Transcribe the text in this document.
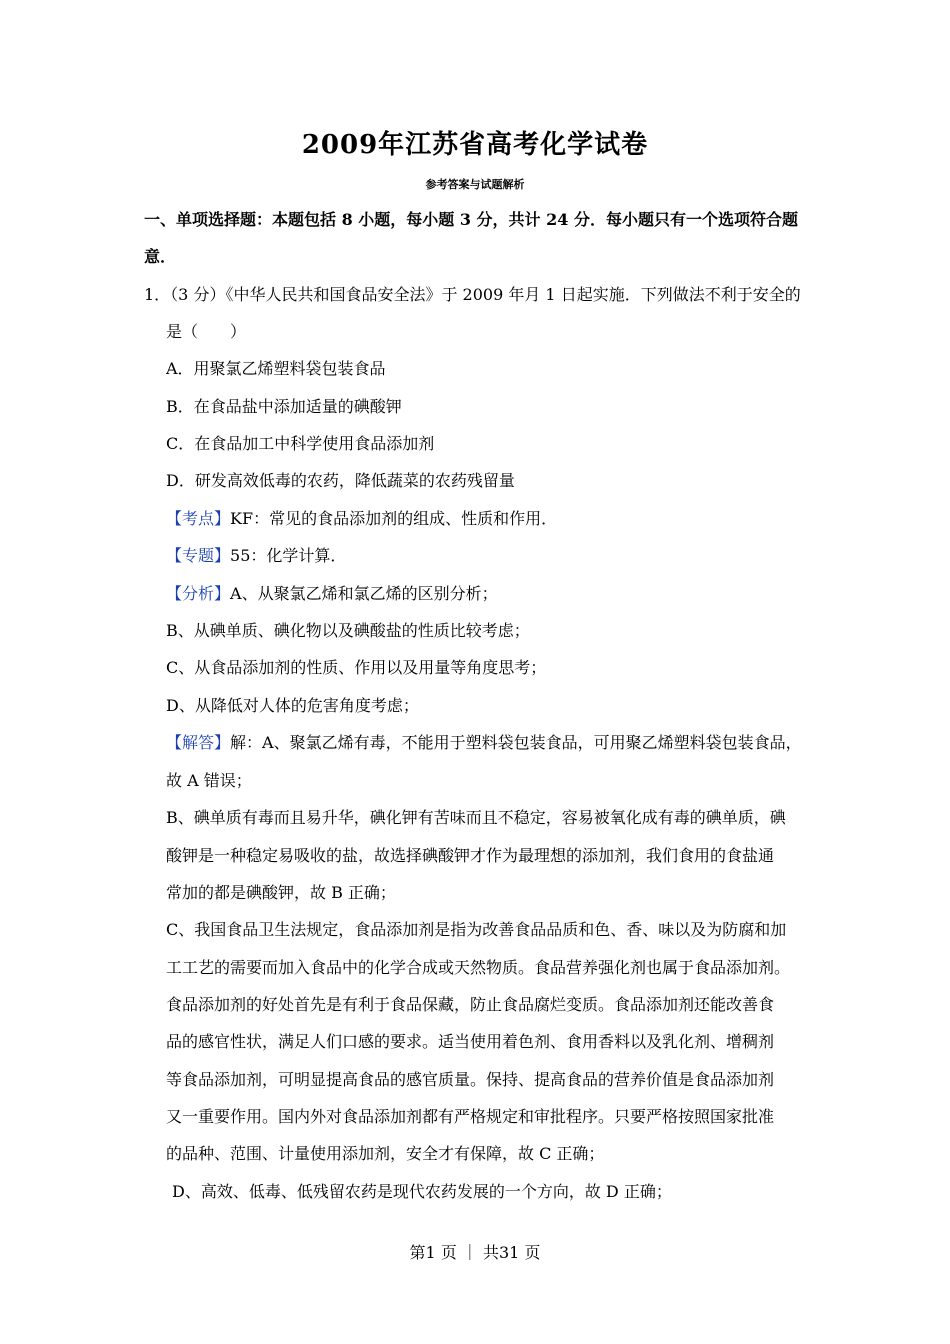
2009年江苏省高考化学试卷
参考答案与试题解析
一、单项选择题：本题包括 8 小题，每小题 3 分，共计 24 分．每小题只有一个选项符合题
意．
1．（3 分）《中华人民共和国食品安全法》于 2009 年月 1 日起实施．下列做法不利于安全的
是（　　）
A．用聚氯乙烯塑料袋包装食品
B．在食品盐中添加适量的碘酸钾
C．在食品加工中科学使用食品添加剂
D．研发高效低毒的农药，降低蔬菜的农药残留量
【考点】KF：常见的食品添加剂的组成、性质和作用．
【专题】55：化学计算．
【分析】A、从聚氯乙烯和氯乙烯的区别分析；
B、从碘单质、碘化物以及碘酸盐的性质比较考虑；
C、从食品添加剂的性质、作用以及用量等角度思考；
D、从降低对人体的危害角度考虑；
【解答】解：A、聚氯乙烯有毒，不能用于塑料袋包装食品，可用聚乙烯塑料袋包装食品，
故 A 错误；
B、碘单质有毒而且易升华，碘化钾有苦味而且不稳定，容易被氧化成有毒的碘单质，碘
酸钾是一种稳定易吸收的盐，故选择碘酸钾才作为最理想的添加剂，我们食用的食盐通
常加的都是碘酸钾，故 B 正确；
C、我国食品卫生法规定，食品添加剂是指为改善食品品质和色、香、味以及为防腐和加
工工艺的需要而加入食品中的化学合成或天然物质。食品营养强化剂也属于食品添加剂。
食品添加剂的好处首先是有利于食品保藏，防止食品腐烂变质。食品添加剂还能改善食
品的感官性状，满足人们口感的要求。适当使用着色剂、食用香料以及乳化剂、增稠剂
等食品添加剂，可明显提高食品的感官质量。保持、提高食品的营养价值是食品添加剂
又一重要作用。国内外对食品添加剂都有严格规定和审批程序。只要严格按照国家批准
的品种、范围、计量使用添加剂，安全才有保障，故 C 正确；
D、高效、低毒、低残留农药是现代农药发展的一个方向，故 D 正确；
第1 页 ｜ 共31 页
